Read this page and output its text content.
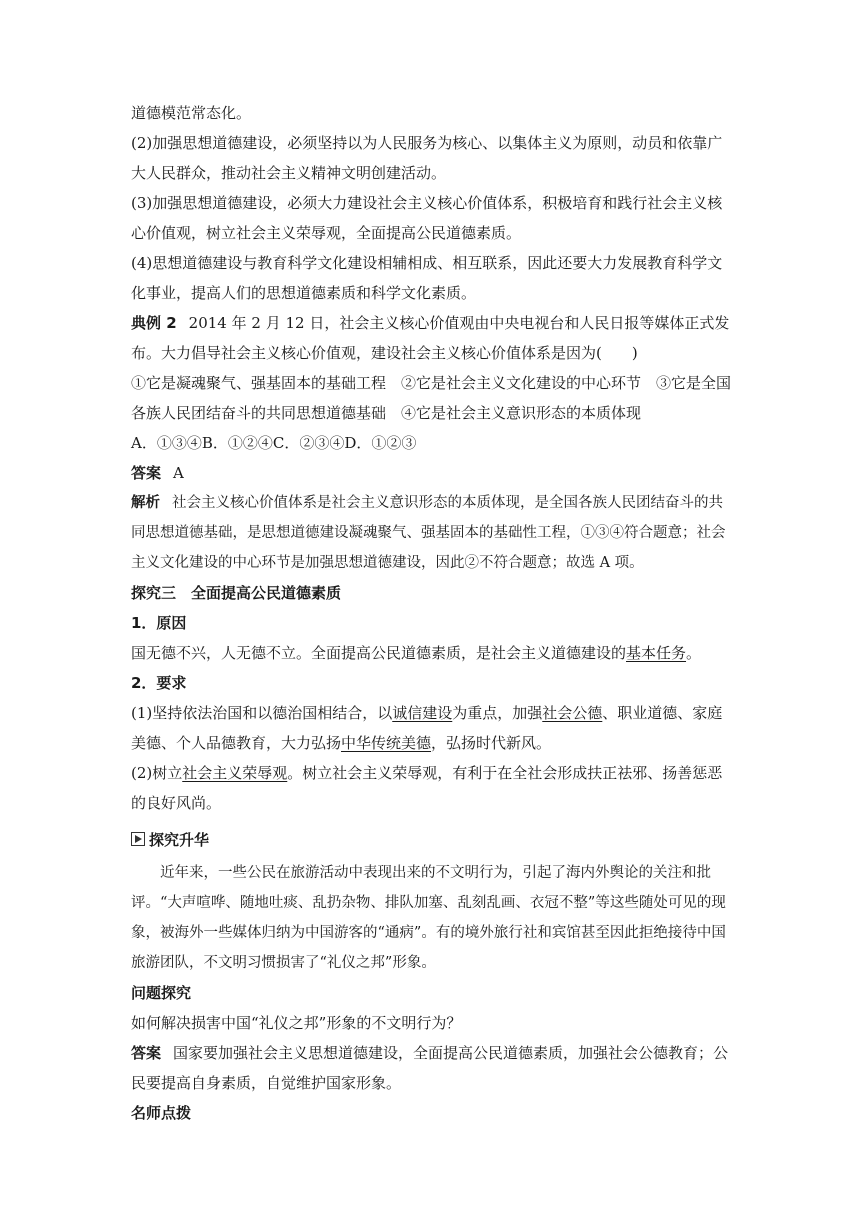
道德模范常态化。

(2)加强思想道德建设，必须坚持以为人民服务为核心、以集体主义为原则，动员和依靠广大人民群众，推动社会主义精神文明创建活动。

(3)加强思想道德建设，必须大力建设社会主义核心价值体系，积极培育和践行社会主义核心价值观，树立社会主义荣辱观，全面提高公民道德素质。

(4)思想道德建设与教育科学文化建设相辅相成、相互联系，因此还要大力发展教育科学文化事业，提高人们的思想道德素质和科学文化素质。

典例 2 2014 年 2 月 12 日，社会主义核心价值观由中央电视台和人民日报等媒体正式发布。大力倡导社会主义核心价值观，建设社会主义核心价值体系是因为(　　)

①它是凝魂聚气、强基固本的基础工程　②它是社会主义文化建设的中心环节　③它是全国各族人民团结奋斗的共同思想道德基础　④它是社会主义意识形态的本质体现

A．①③④B．①②④C．②③④D．①②③

答案 A

解析 社会主义核心价值体系是社会主义意识形态的本质体现，是全国各族人民团结奋斗的共同思想道德基础，是思想道德建设凝魂聚气、强基固本的基础性工程，①③④符合题意；社会主义文化建设的中心环节是加强思想道德建设，因此②不符合题意；故选 A 项。

探究三　全面提高公民道德素质

1．原因

国无德不兴，人无德不立。全面提高公民道德素质，是社会主义道德建设的基本任务。

2．要求

(1)坚持依法治国和以德治国相结合，以诚信建设为重点，加强社会公德、职业道德、家庭美德、个人品德教育，大力弘扬中华传统美德，弘扬时代新风。

(2)树立社会主义荣辱观。树立社会主义荣辱观，有利于在全社会形成扶正祛邪、扬善惩恶的良好风尚。

探究升华

近年来，一些公民在旅游活动中表现出来的不文明行为，引起了海内外舆论的关注和批评。“大声喧哗、随地吐痰、乱扔杂物、排队加塞、乱刻乱画、衣冠不整”等这些随处可见的现象，被海外一些媒体归纳为中国游客的“通病”。有的境外旅行社和宾馆甚至因此拒绝接待中国旅游团队，不文明习惯损害了“礼仪之邦”形象。

问题探究

如何解决损害中国“礼仪之邦”形象的不文明行为？

答案 国家要加强社会主义思想道德建设，全面提高公民道德素质，加强社会公德教育；公民要提高自身素质，自觉维护国家形象。

名师点拨
